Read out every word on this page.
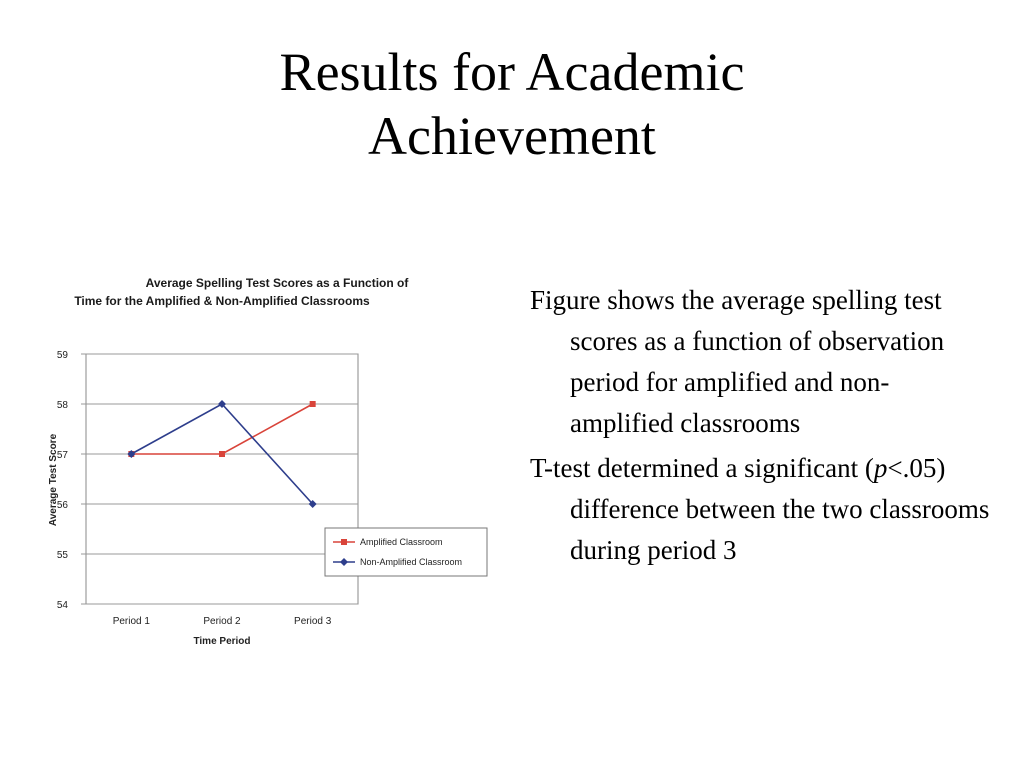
Results for Academic
Achievement
Average Spelling Test Scores as a Function of
Time for the Amplified & Non-Amplified Classrooms
54
55
56
57
58
59
Period 1	Period 2	Period 3
Amplified Classroom
Non-Amplified Classroom
Time Period
Average Test Score
Figure shows the average spelling test scores as a function of observation period for amplified and non-amplified classrooms
T-test determined a significant (p<.05) difference between the two classrooms during period 3
